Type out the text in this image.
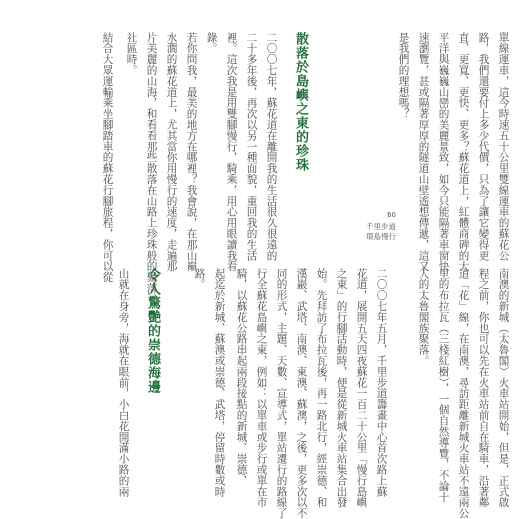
單線運車，這今時速五十公里雙線運車的蘇花公
路，我們還要付上多少代價，只為了讓它變得更
直、更寬、更快、更多？蘇花道上，紅體商碑的大
平洋與巍巍山巒的美麗景致，如今只能隔著車窗快
速瀏覽，甚或隔著厚厚的隧道山壁遙想傳遞，這又
是我們的理想嗎？
散落於島嶼之東的珍珠
二〇〇七年，蘇花道在離開我的生活很久很遠的
二十多年後，再次以另一種面貌，重回我的生活
裡。這次我是用雙腳慢行，騎乘，用心用眼讀我看
錄。
若你問我，最美的地方在哪裡？我會說，在那山巔
水澗的蘇花道上，尤其當你用慢行的速度，走遍那
片美麗的山海，和看看那些散落在山路上珍珠般的聚落、
社區時。
結合大眾運輸乘坐腳踏車的蘇花行腳旅程，你可以從	60
千里步道
環島慢行
南澳的新城（太魯閣）火車站開始，但是，正式啟
程之前，你也可以先在火車站前自在騎車，沿著鄰
道「花」線，在南澳，尋訪距離新城火車站不遠兩公
里的布拉瓦（三棧紅樹），一個自然導覽，不論十
人的太魯閣族聚落。
二〇〇七年五月，千里步道籌畫中心首次路上蘇
花道，展開五天四夜蘇花一百二十公里「慢行島嶼
之東」的行腳活動時，便是從新城火車站集合出發
始。先拜訪了布拉瓦後，再一路北行，經崇德、和
漢巖、武塔、南澳、東澳、蘇澳，之後，更多次以不
同的形式，主題、天數、宣導式，單站遷行的路線了
行全蘇花島嶼之東，例如：以單車或步行或單在市
騎，以蘇花公路串起兩段接點的新城、崇德、
起迄於新城、蘇澳或崇德、武塔，停留時數或時
路。
令人驚艷的崇德海邊
山就在身旁，海就在眼前，小白花開滿小路的兩
